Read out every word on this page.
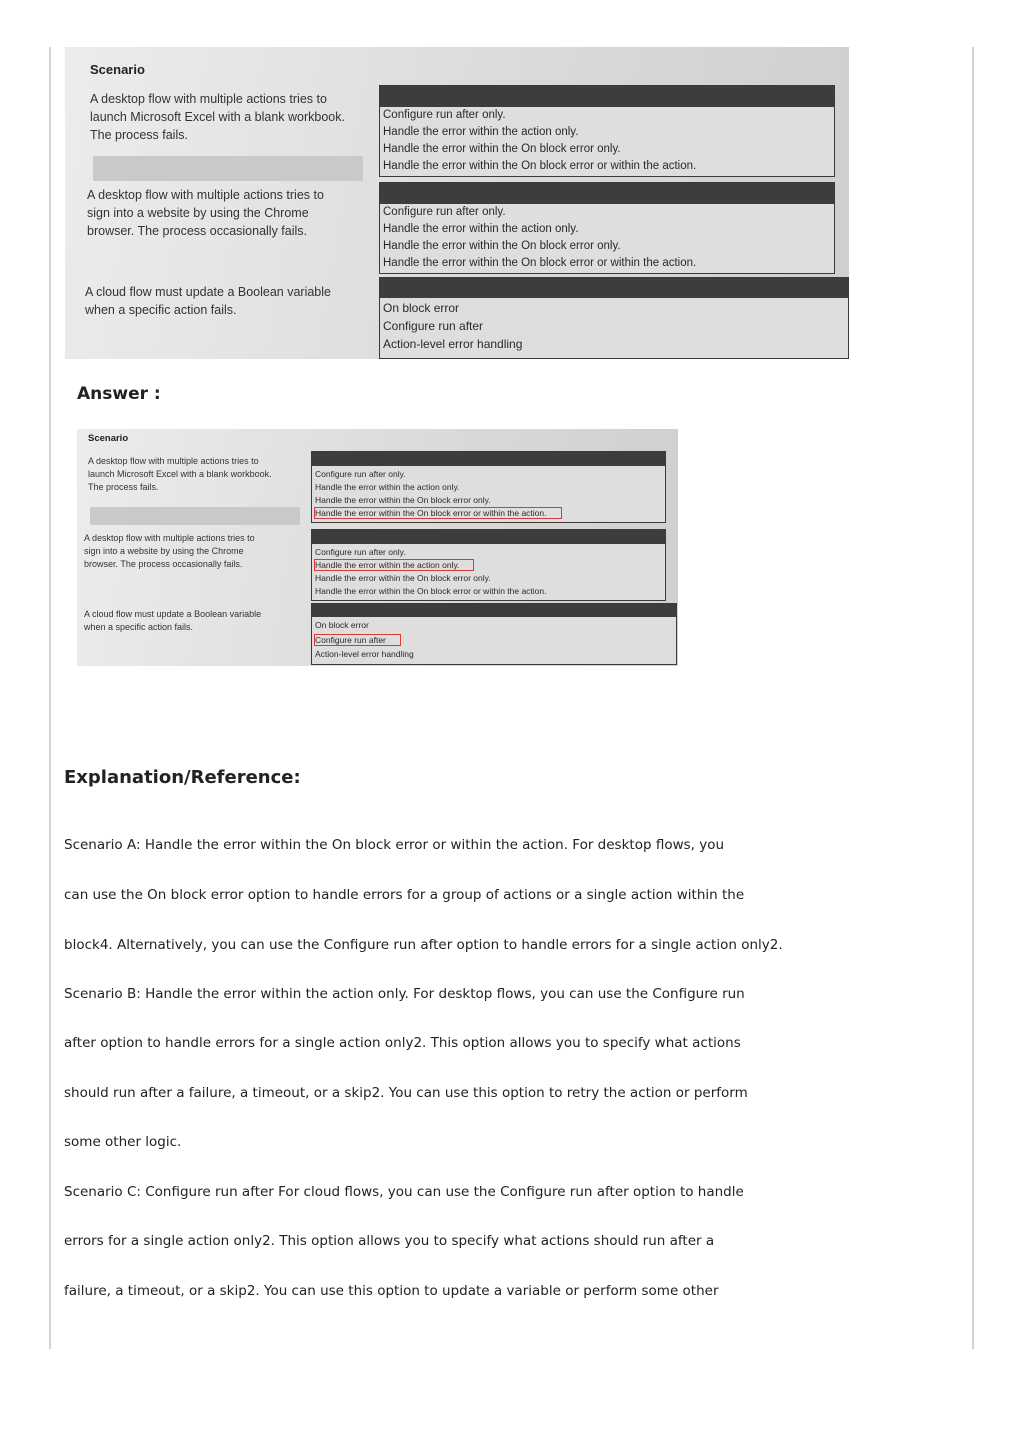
Scenario
A desktop flow with multiple actions tries to
launch Microsoft Excel with a blank workbook.
The process fails.
Configure run after only.
Handle the error within the action only.
Handle the error within the On block error only.
Handle the error within the On block error or within the action.
A desktop flow with multiple actions tries to
sign into a website by using the Chrome
browser. The process occasionally fails.
Configure run after only.
Handle the error within the action only.
Handle the error within the On block error only.
Handle the error within the On block error or within the action.
A cloud flow must update a Boolean variable
when a specific action fails.	On block error
Configure run after
Action-level error handling
Answer :
Scenario
A desktop flow with multiple actions tries to
launch Microsoft Excel with a blank workbook.
The process fails.
Configure run after only.
Handle the error within the action only.
Handle the error within the On block error only.
Handle the error within the On block error or within the action.
A desktop flow with multiple actions tries to
sign into a website by using the Chrome
browser. The process occasionally fails.
Configure run after only.
Handle the error within the action only.
Handle the error within the On block error only.
Handle the error within the On block error or within the action.
A cloud flow must update a Boolean variable
when a specific action fails.	On block error
Configure run after
Action-level error handling
Explanation/Reference:
Scenario A: Handle the error within the On block error or within the action. For desktop flows, you
can use the On block error option to handle errors for a group of actions or a single action within the
block4. Alternatively, you can use the Configure run after option to handle errors for a single action only2.
Scenario B: Handle the error within the action only. For desktop flows, you can use the Configure run
after option to handle errors for a single action only2. This option allows you to specify what actions
should run after a failure, a timeout, or a skip2. You can use this option to retry the action or perform
some other logic.
Scenario C: Configure run after For cloud flows, you can use the Configure run after option to handle
errors for a single action only2. This option allows you to specify what actions should run after a
failure, a timeout, or a skip2. You can use this option to update a variable or perform some other
